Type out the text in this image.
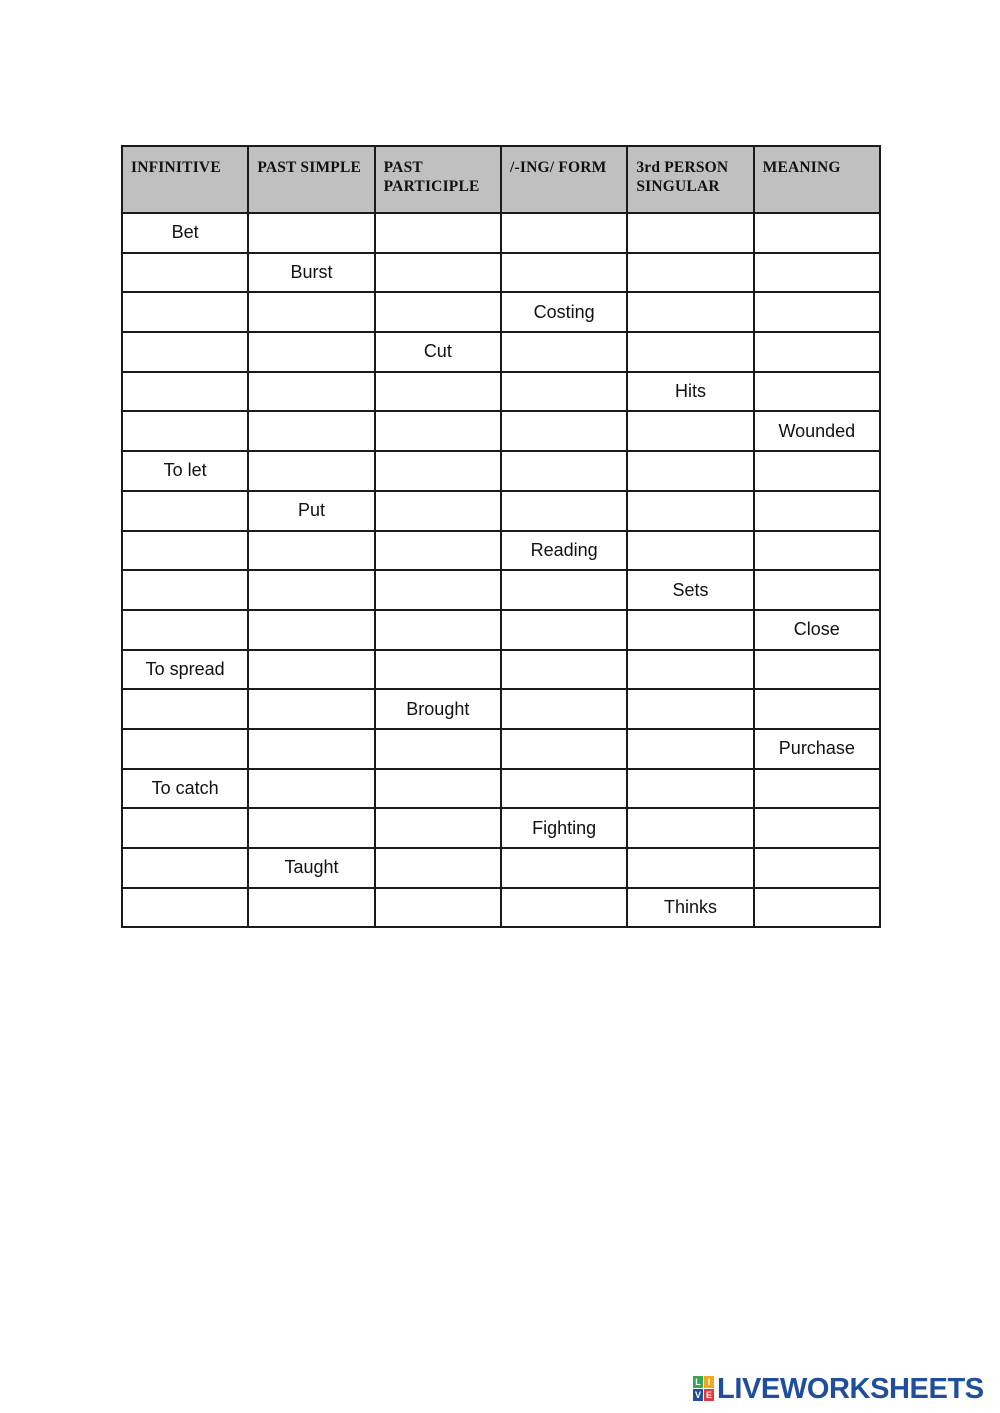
INFINITIVE	PAST SIMPLE	PAST PARTICIPLE	/-ING/ FORM	3rd PERSON SINGULAR	MEANING
Bet					
	Burst				
			Costing		
		Cut			
				Hits	
					Wounded
To let					
	Put				
			Reading		
				Sets	
					Close
To spread					
		Brought			
					Purchase
To catch					
			Fighting		
	Taught				
				Thinks	
L I
V E LIVEWORKSHEETS
